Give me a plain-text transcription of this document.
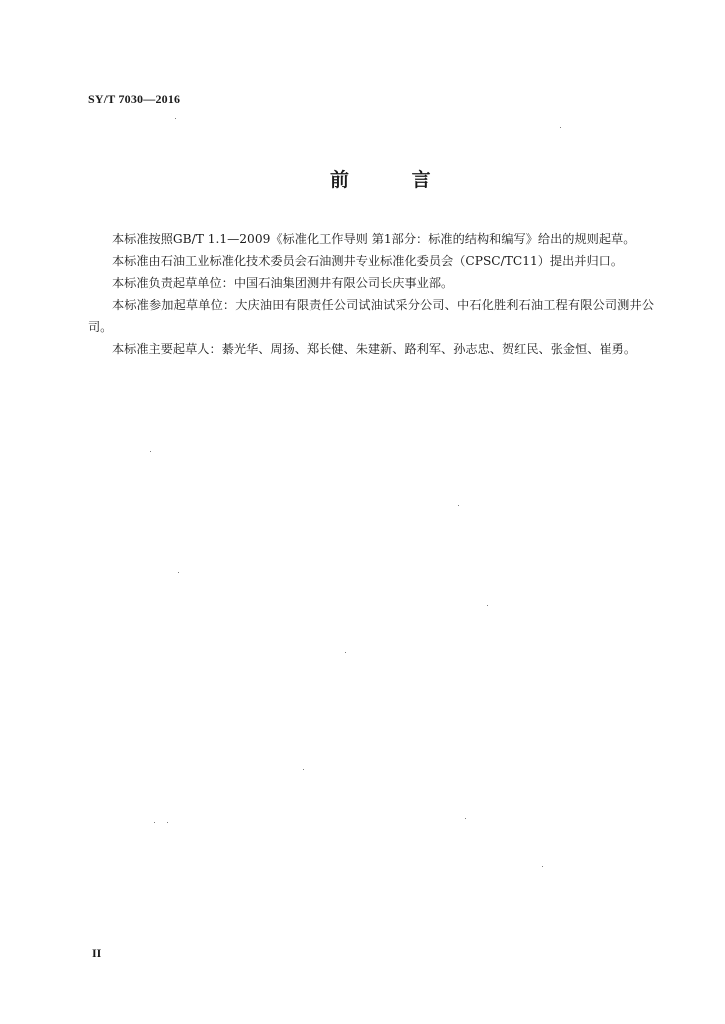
SY/T 7030—2016
前 言

本标准按照GB/T 1.1—2009《标准化工作导则 第1部分：标准的结构和编写》给出的规则起草。

本标准由石油工业标准化技术委员会石油测井专业标准化委员会（CPSC/TC11）提出并归口。

本标准负责起草单位：中国石油集团测井有限公司长庆事业部。

本标准参加起草单位：大庆油田有限责任公司试油试采分公司、中石化胜利石油工程有限公司测井公司。

本标准主要起草人：綦光华、周扬、郑长健、朱建新、路利军、孙志忠、贺红民、张金恒、崔勇。

II
